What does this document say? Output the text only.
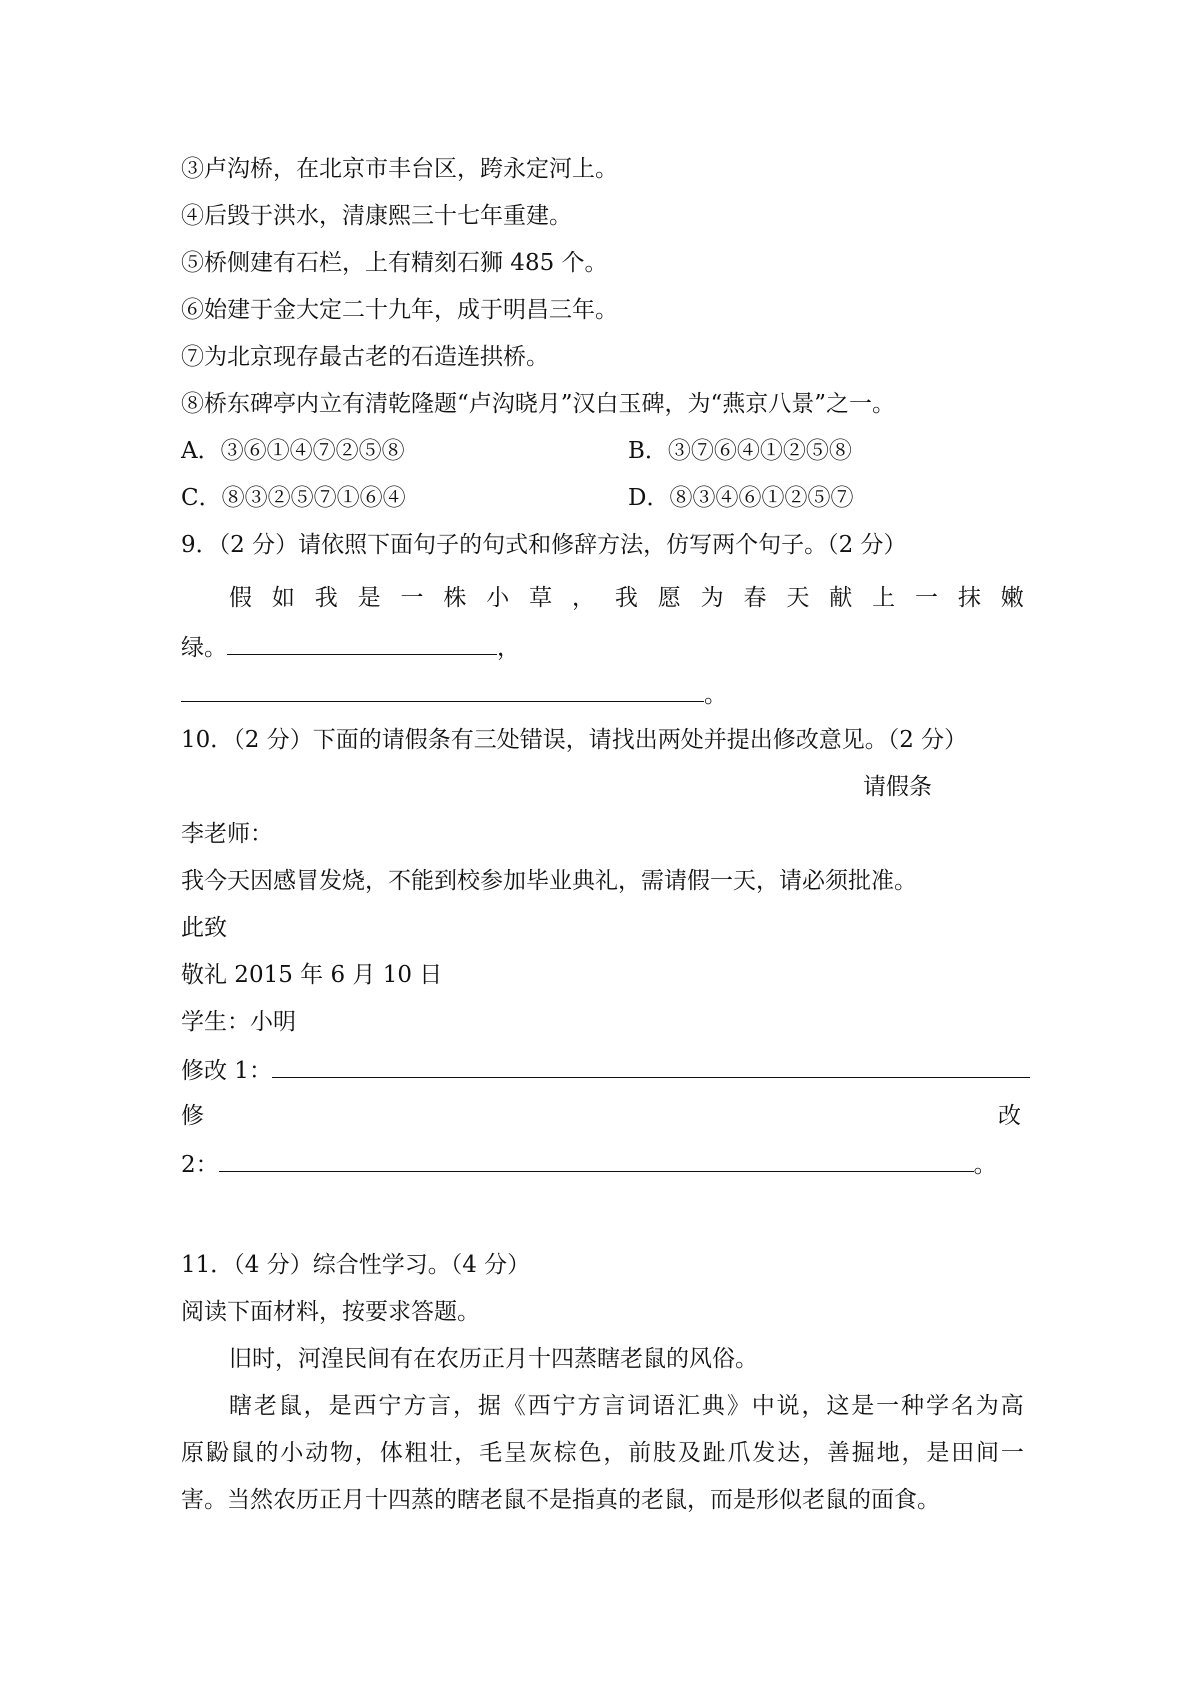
③卢沟桥，在北京市丰台区，跨永定河上。
④后毁于洪水，清康熙三十七年重建。
⑤桥侧建有石栏，上有精刻石狮 485 个。
⑥始建于金大定二十九年，成于明昌三年。
⑦为北京现存最古老的石造连拱桥。
⑧桥东碑亭内立有清乾隆题“卢沟晓月”汉白玉碑，为“燕京八景”之一。
A．③⑥①④⑦②⑤⑧	B．③⑦⑥④①②⑤⑧
C．⑧③②⑤⑦①⑥④	D．⑧③④⑥①②⑤⑦
9．（2 分）请依照下面句子的句式和修辞方法，仿写两个句子。（2 分）
假 如 我 是 一 株 小 草 ， 我 愿 为 春 天 献 上 一 抹 嫩
绿。	，
。
10．（2 分）下面的请假条有三处错误，请找出两处并提出修改意见。（2 分）
请假条
李老师：
我今天因感冒发烧，不能到校参加毕业典礼，需请假一天，请必须批准。
此致
敬礼 2015 年 6 月 10 日
学生：小明
修改 1：
修	改
2：	。
11．（4 分）综合性学习。（4 分）
阅读下面材料，按要求答题。
旧时，河湟民间有在农历正月十四蒸瞎老鼠的风俗。
瞎 老 鼠 ， 是 西 宁 方 言 ， 据 《 西 宁 方 言 词 语 汇 典 》 中 说 ， 这 是 一 种 学 名 为 高
原 鼢 鼠 的 小 动 物 ， 体 粗 壮 ， 毛 呈 灰 棕 色 ， 前 肢 及 趾 爪 发 达 ， 善 掘 地 ， 是 田 间 一
害。当然农历正月十四蒸的瞎老鼠不是指真的老鼠，而是形似老鼠的面食。
